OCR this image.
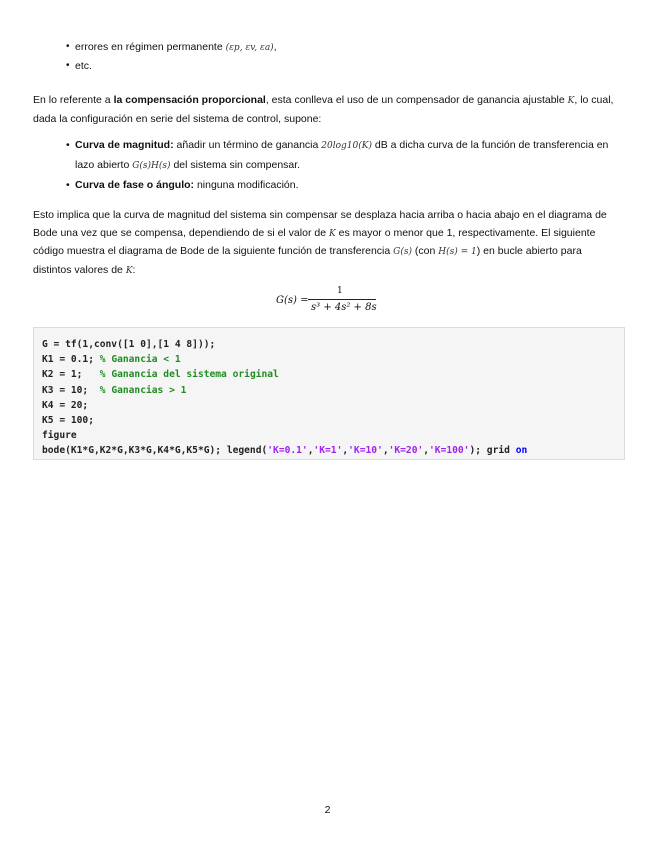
• errores en régimen permanente (εp, εv, εa),
• etc.

En lo referente a la compensación proporcional, esta conlleva el uso de un compensador de ganancia ajustable K, lo cual, dada la configuración en serie del sistema de control, supone:

• Curva de magnitud: añadir un término de ganancia 20log10(K) dB a dicha curva de la función de transferencia en lazo abierto G(s)H(s) del sistema sin compensar.
• Curva de fase o ángulo: ninguna modificación.

Esto implica que la curva de magnitud del sistema sin compensar se desplaza hacia arriba o hacia abajo en el diagrama de Bode una vez que se compensa, dependiendo de si el valor de K es mayor o menor que 1, respectivamente. El siguiente código muestra el diagrama de Bode de la siguiente función de transferencia G(s) (con H(s) = 1) en bucle abierto para distintos valores de K:

G(s) =
1
s³ + 4s² + 8s
G = tf(1,conv([1 0],[1 4 8]));
K1 = 0.1; % Ganancia < 1
K2 = 1;   % Ganancia del sistema original
K3 = 10;  % Ganancias > 1
K4 = 20;
K5 = 100;
figure
bode(K1*G,K2*G,K3*G,K4*G,K5*G); legend('K=0.1','K=1','K=10','K=20','K=100'); grid on
2
